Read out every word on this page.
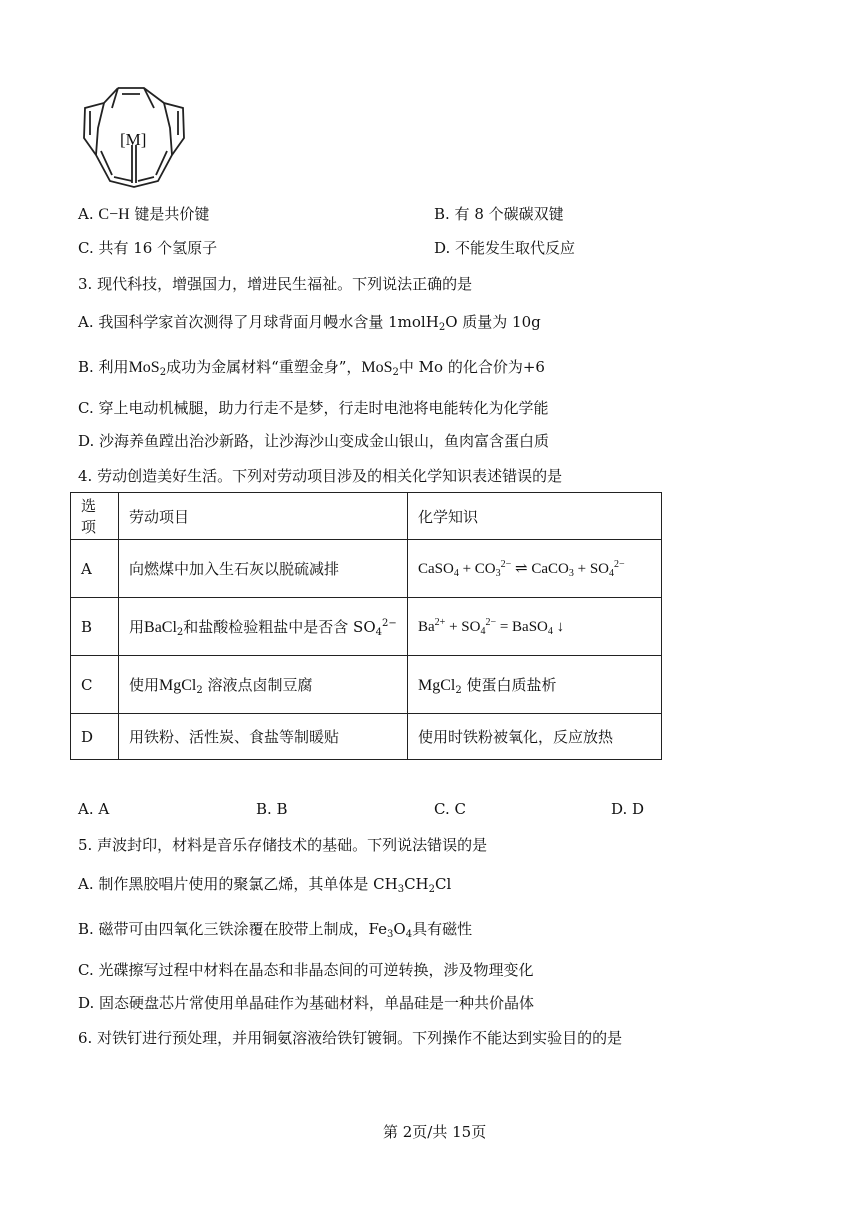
[M]
A. C−H 键是共价键	B. 有 8 个碳碳双键
C. 共有 16 个氢原子	D. 不能发生取代反应
3. 现代科技，增强国力，增进民生福祉。下列说法正确的是
A. 我国科学家首次测得了月球背面月幔水含量 1molH$_2$O 质量为 10g
B. 利用MoS$_2$成功为金属材料“重塑金身”，MoS$_2$中 Mo 的化合价为+6
C. 穿上电动机械腿，助力行走不是梦，行走时电池将电能转化为化学能
D. 沙海养鱼蹚出治沙新路，让沙海沙山变成金山银山，鱼肉富含蛋白质
4. 劳动创造美好生活。下列对劳动项目涉及的相关化学知识表述错误的是
选项	劳动项目	化学知识
A	向燃煤中加入生石灰以脱硫减排	CaSO$_4$ + $CO_3^{2-}$ ⇌ CaCO$_3$ + $SO_4^{2-}$
B	用BaCl$_2$和盐酸检验粗盐中是否含 $SO_4^{2-}$	$Ba^{2+} + SO_4^{2-}$ = BaSO$_4$ ↓
C	使用MgCl$_2$ 溶液点卤制豆腐	MgCl$_2$ 使蛋白质盐析
D	用铁粉、活性炭、食盐等制暖贴	使用时铁粉被氧化，反应放热
A. A	B. B	C. C	D. D
5. 声波封印，材料是音乐存储技术的基础。下列说法错误的是
A. 制作黑胶唱片使用的聚氯乙烯，其单体是 $CH_3CH_2Cl$
B. 磁带可由四氧化三铁涂覆在胶带上制成，$Fe_3O_4$具有磁性
C. 光碟擦写过程中材料在晶态和非晶态间的可逆转换，涉及物理变化
D. 固态硬盘芯片常使用单晶硅作为基础材料，单晶硅是一种共价晶体
6. 对铁钉进行预处理，并用铜氨溶液给铁钉镀铜。下列操作不能达到实验目的的是
第 2页/共 15页
